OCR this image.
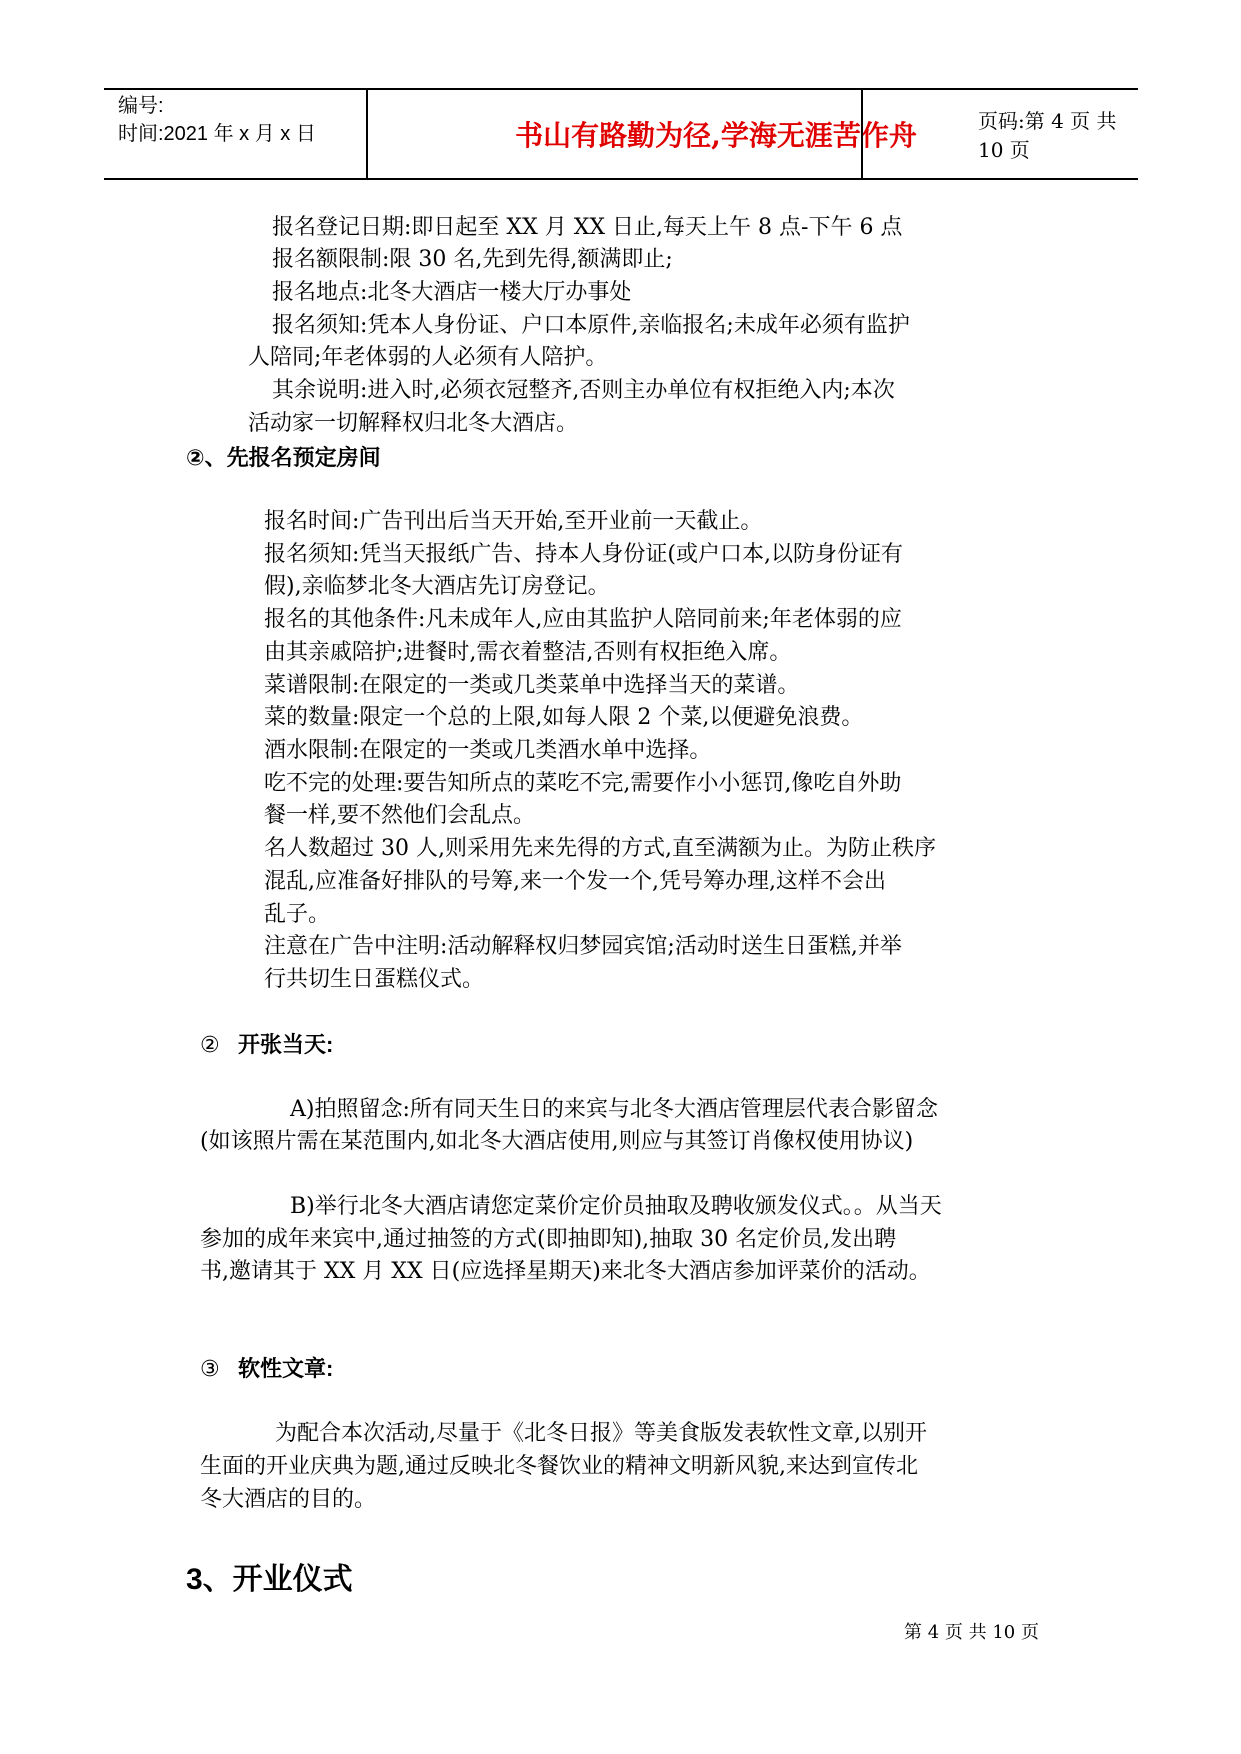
编号:
时间:2021 年 x 月 x 日	书山有路勤为径,学海无涯苦作舟	页码:第 4 页 共 10 页
报名登记日期:即日起至 XX 月 XX 日止,每天上午 8 点-下午 6 点
报名额限制:限 30 名,先到先得,额满即止;
报名地点:北冬大酒店一楼大厅办事处
报名须知:凭本人身份证、户口本原件,亲临报名;未成年必须有监护
人陪同;年老体弱的人必须有人陪护。
其余说明:进入时,必须衣冠整齐,否则主办单位有权拒绝入内;本次
活动家一切解释权归北冬大酒店。
②、先报名预定房间
报名时间:广告刊出后当天开始,至开业前一天截止。
报名须知:凭当天报纸广告、持本人身份证(或户口本,以防身份证有
假),亲临梦北冬大酒店先订房登记。
报名的其他条件:凡未成年人,应由其监护人陪同前来;年老体弱的应
由其亲戚陪护;进餐时,需衣着整洁,否则有权拒绝入席。
菜谱限制:在限定的一类或几类菜单中选择当天的菜谱。
菜的数量:限定一个总的上限,如每人限 2 个菜,以便避免浪费。
酒水限制:在限定的一类或几类酒水单中选择。
吃不完的处理:要告知所点的菜吃不完,需要作小小惩罚,像吃自外助
餐一样,要不然他们会乱点。
名人数超过 30 人,则采用先来先得的方式,直至满额为止。为防止秩序
混乱,应准备好排队的号筹,来一个发一个,凭号筹办理,这样不会出
乱子。
注意在广告中注明:活动解释权归梦园宾馆;活动时送生日蛋糕,并举
行共切生日蛋糕仪式。
② 开张当天:
A)拍照留念:所有同天生日的来宾与北冬大酒店管理层代表合影留念
(如该照片需在某范围内,如北冬大酒店使用,则应与其签订肖像权使用协议)
B)举行北冬大酒店请您定菜价定价员抽取及聘收颁发仪式。。从当天
参加的成年来宾中,通过抽签的方式(即抽即知),抽取 30 名定价员,发出聘
书,邀请其于 XX 月 XX 日(应选择星期天)来北冬大酒店参加评菜价的活动。
③ 软性文章:
为配合本次活动,尽量于《北冬日报》等美食版发表软性文章,以别开
生面的开业庆典为题,通过反映北冬餐饮业的精神文明新风貌,来达到宣传北
冬大酒店的目的。
3、开业仪式
第 4 页 共 10 页
